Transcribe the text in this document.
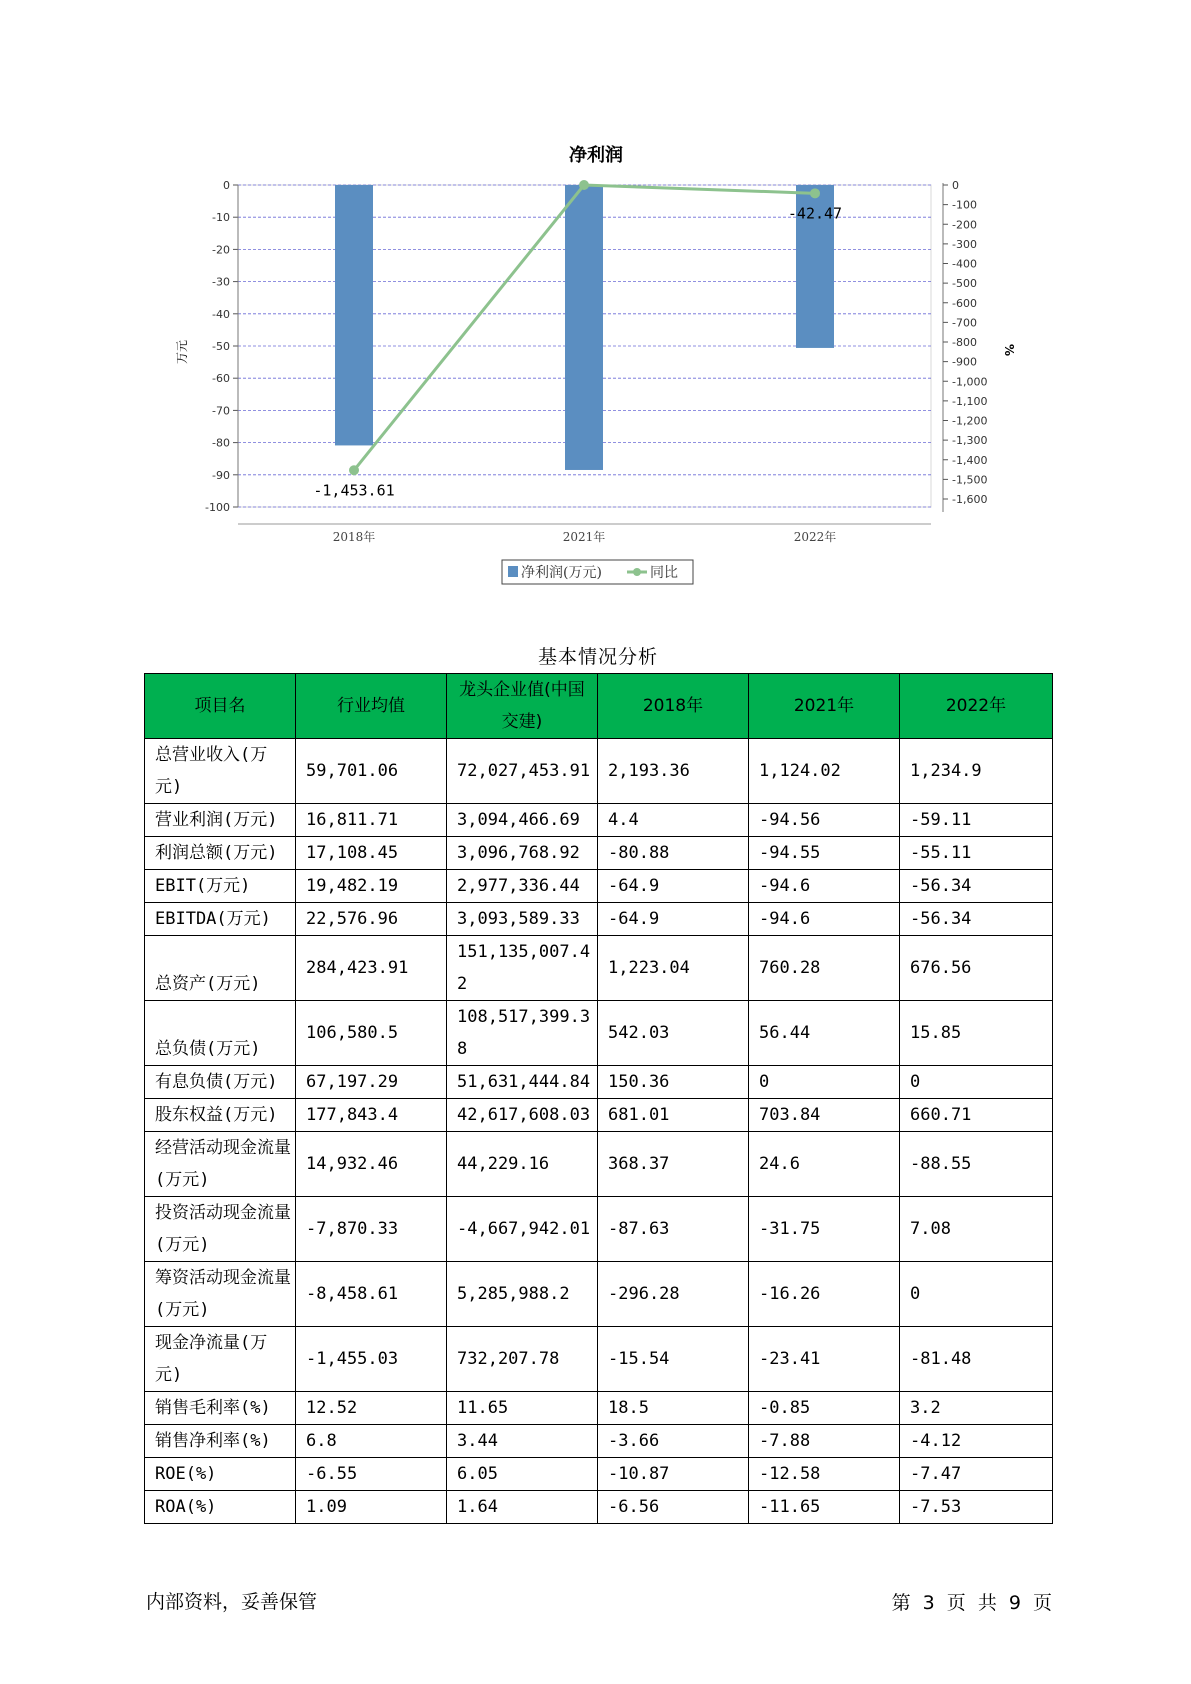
净利润
0
-10
-20
-30
-40
-50
-60
-70
-80
-90
-100
0
-100
-200
-300
-400
-500
-600
-700
-800
-900
-1,000
-1,100
-1,200
-1,300
-1,400
-1,500
-1,600
-1,453.61
-42.47
2018年	2021年	2022年
万元	%
净利润(万元)	同比
基本情况分析
项目名	行业均值	龙头企业值(中国交建)	2018年	2021年	2022年
总营业收入(万元)	59,701.06	72,027,453.91	2,193.36	1,124.02	1,234.9
营业利润(万元)	16,811.71	3,094,466.69	4.4	-94.56	-59.11
利润总额(万元)	17,108.45	3,096,768.92	-80.88	-94.55	-55.11
EBIT(万元)	19,482.19	2,977,336.44	-64.9	-94.6	-56.34
EBITDA(万元)	22,576.96	3,093,589.33	-64.9	-94.6	-56.34
总资产(万元)	284,423.91	151,135,007.42	1,223.04	760.28	676.56
总负债(万元)	106,580.5	108,517,399.38	542.03	56.44	15.85
有息负债(万元)	67,197.29	51,631,444.84	150.36	0	0
股东权益(万元)	177,843.4	42,617,608.03	681.01	703.84	660.71
经营活动现金流量(万元)	14,932.46	44,229.16	368.37	24.6	-88.55
投资活动现金流量(万元)	-7,870.33	-4,667,942.01	-87.63	-31.75	7.08
筹资活动现金流量(万元)	-8,458.61	5,285,988.2	-296.28	-16.26	0
现金净流量(万元)	-1,455.03	732,207.78	-15.54	-23.41	-81.48
销售毛利率(%)	12.52	11.65	18.5	-0.85	3.2
销售净利率(%)	6.8	3.44	-3.66	-7.88	-4.12
ROE(%)	-6.55	6.05	-10.87	-12.58	-7.47
ROA(%)	1.09	1.64	-6.56	-11.65	-7.53
内部资料，妥善保管	第 3 页 共 9 页
